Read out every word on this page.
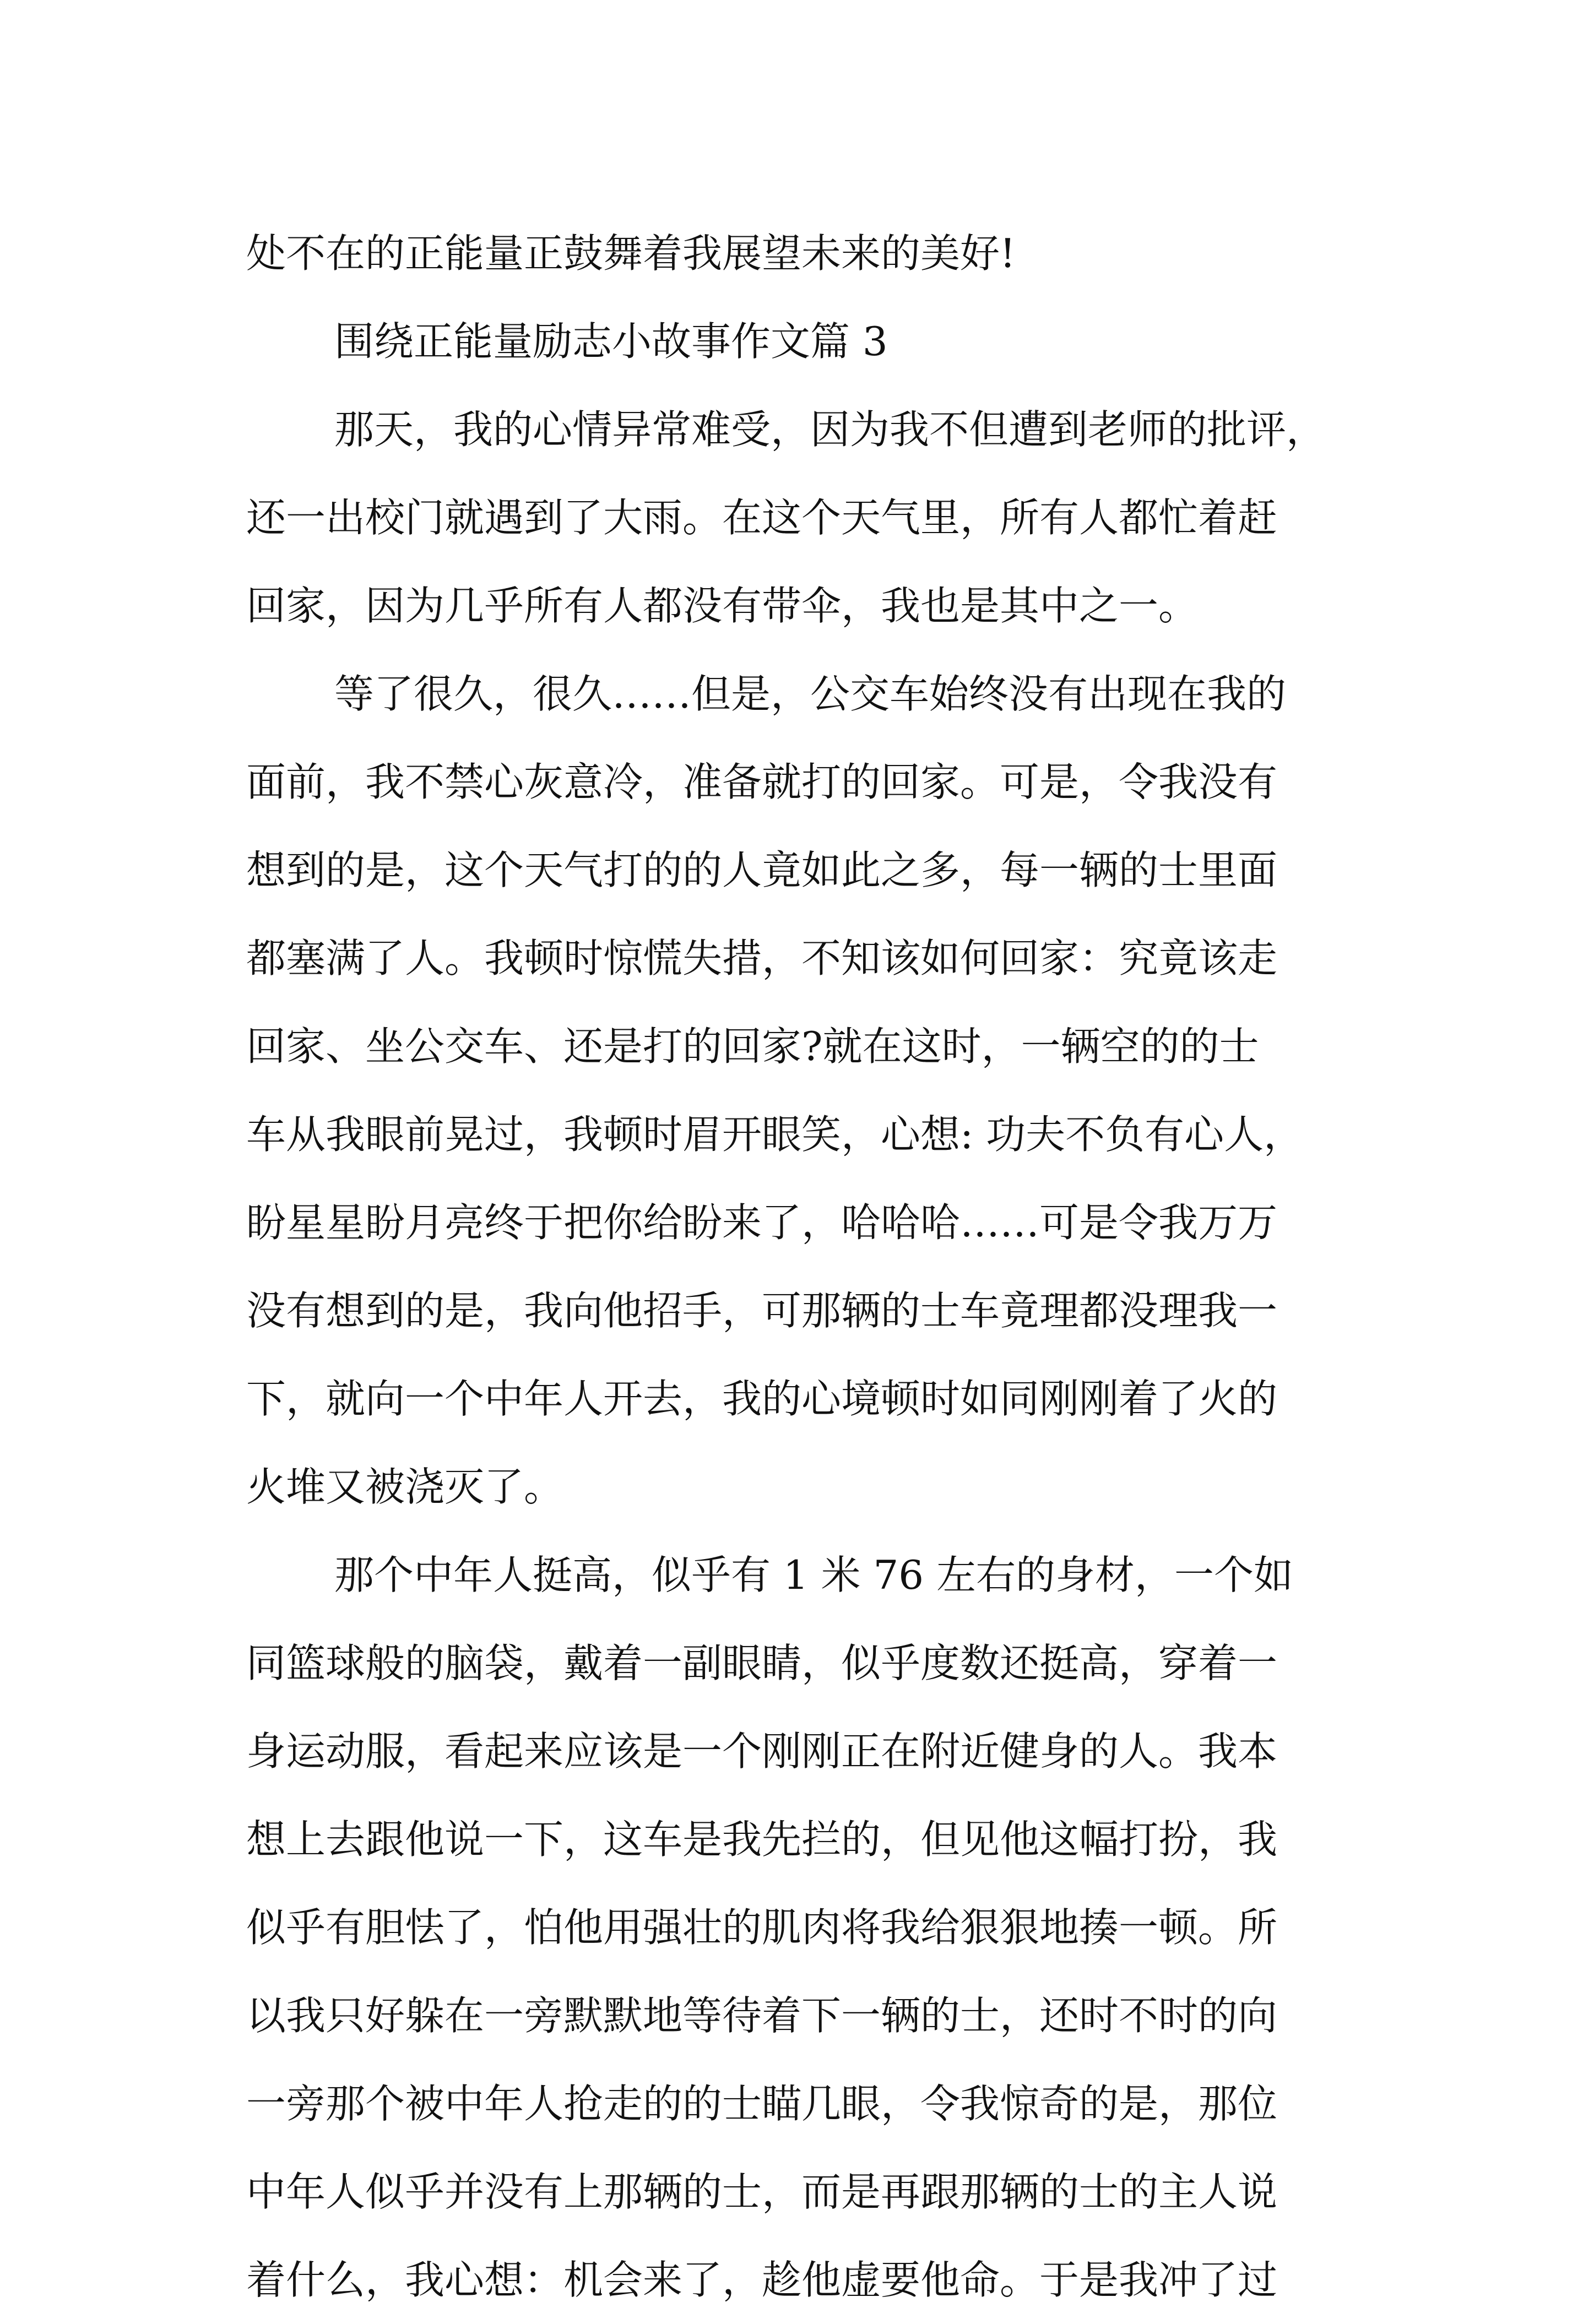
处不在的正能量正鼓舞着我展望未来的美好!
围绕正能量励志小故事作文篇 3
那天，我的心情异常难受，因为我不但遭到老师的批评，
还一出校门就遇到了大雨。在这个天气里，所有人都忙着赶
回家，因为几乎所有人都没有带伞，我也是其中之一。
等了很久，很久……但是，公交车始终没有出现在我的
面前，我不禁心灰意冷，准备就打的回家。可是，令我没有
想到的是，这个天气打的的人竟如此之多，每一辆的士里面
都塞满了人。我顿时惊慌失措，不知该如何回家：究竟该走
回家、坐公交车、还是打的回家?就在这时，一辆空的的士
车从我眼前晃过，我顿时眉开眼笑，心想: 功夫不负有心人，
盼星星盼月亮终于把你给盼来了，哈哈哈……可是令我万万
没有想到的是，我向他招手，可那辆的士车竟理都没理我一
下，就向一个中年人开去，我的心境顿时如同刚刚着了火的
火堆又被浇灭了。
那个中年人挺高，似乎有 1 米 76 左右的身材，一个如
同篮球般的脑袋，戴着一副眼睛，似乎度数还挺高，穿着一
身运动服，看起来应该是一个刚刚正在附近健身的人。我本
想上去跟他说一下，这车是我先拦的，但见他这幅打扮，我
似乎有胆怯了，怕他用强壮的肌肉将我给狠狠地揍一顿。所
以我只好躲在一旁默默地等待着下一辆的士，还时不时的向
一旁那个被中年人抢走的的士瞄几眼，令我惊奇的是，那位
中年人似乎并没有上那辆的士，而是再跟那辆的士的主人说
着什么，我心想：机会来了，趁他虚要他命。于是我冲了过
